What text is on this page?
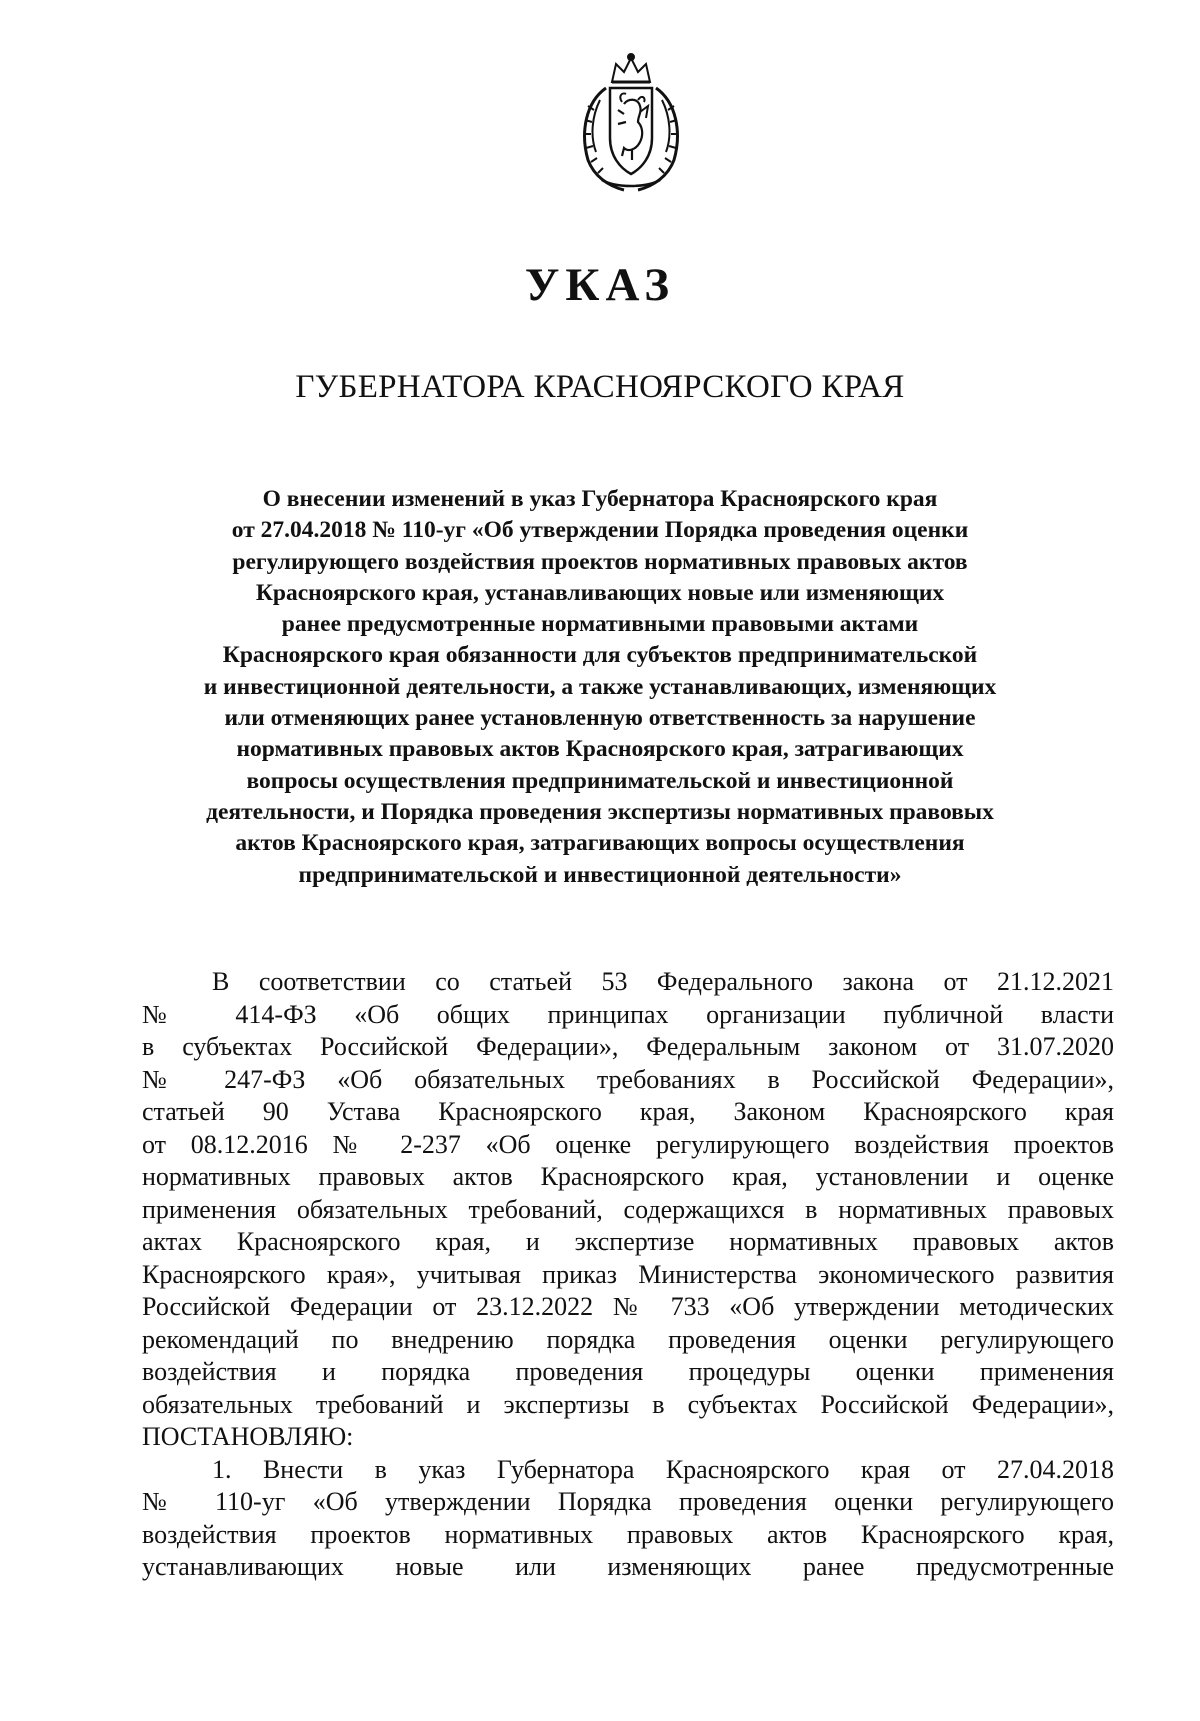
УКАЗ
ГУБЕРНАТОРА КРАСНОЯРСКОГО КРАЯ
О внесении изменений в указ Губернатора Красноярского края
от 27.04.2018 № 110-уг «Об утверждении Порядка проведения оценки
регулирующего воздействия проектов нормативных правовых актов
Красноярского края, устанавливающих новые или изменяющих
ранее предусмотренные нормативными правовыми актами
Красноярского края обязанности для субъектов предпринимательской
и инвестиционной деятельности, а также устанавливающих, изменяющих
или отменяющих ранее установленную ответственность за нарушение
нормативных правовых актов Красноярского края, затрагивающих
вопросы осуществления предпринимательской и инвестиционной
деятельности, и Порядка проведения экспертизы нормативных правовых
актов Красноярского края, затрагивающих вопросы осуществления
предпринимательской и инвестиционной деятельности»
В соответствии со статьей 53 Федерального закона от 21.12.2021
№ 414-ФЗ «Об общих принципах организации публичной власти
в субъектах Российской Федерации», Федеральным законом от 31.07.2020
№ 247-ФЗ «Об обязательных требованиях в Российской Федерации»,
статьей 90 Устава Красноярского края, Законом Красноярского края
от 08.12.2016 № 2-237 «Об оценке регулирующего воздействия проектов
нормативных правовых актов Красноярского края, установлении и оценке
применения обязательных требований, содержащихся в нормативных правовых
актах Красноярского края, и экспертизе нормативных правовых актов
Красноярского края», учитывая приказ Министерства экономического развития
Российской Федерации от 23.12.2022 № 733 «Об утверждении методических
рекомендаций по внедрению порядка проведения оценки регулирующего
воздействия и порядка проведения процедуры оценки применения
обязательных требований и экспертизы в субъектах Российской Федерации»,
ПОСТАНОВЛЯЮ:
1. Внести в указ Губернатора Красноярского края от 27.04.2018
№ 110-уг «Об утверждении Порядка проведения оценки регулирующего
воздействия проектов нормативных правовых актов Красноярского края,
устанавливающих новые или изменяющих ранее предусмотренные
